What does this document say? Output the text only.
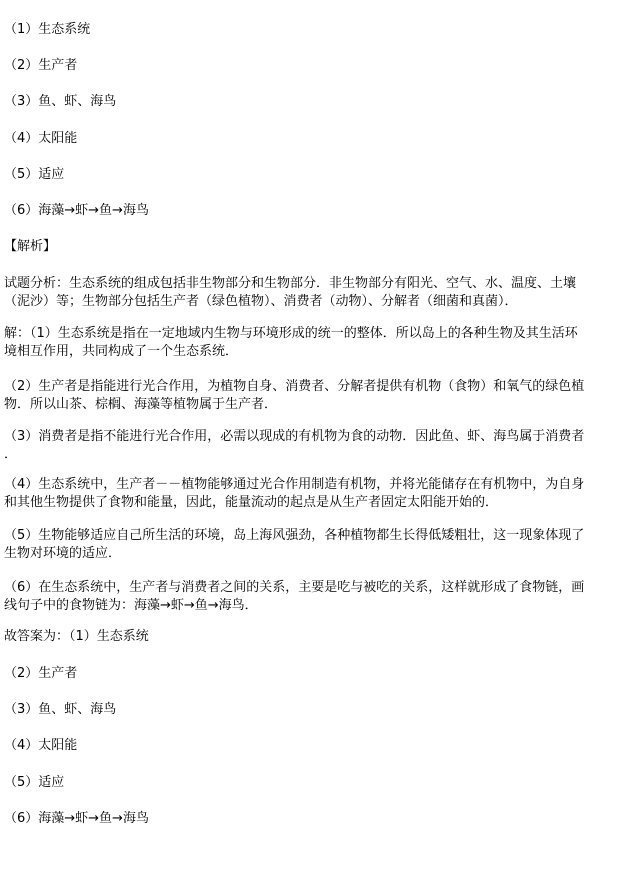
（1）生态系统
（2）生产者
（3）鱼、虾、海鸟
（4）太阳能
（5）适应
（6）海藻→虾→鱼→海鸟
【解析】
试题分析：生态系统的组成包括非生物部分和生物部分．非生物部分有阳光、空气、水、温度、土壤
（泥沙）等；生物部分包括生产者（绿色植物）、消费者（动物）、分解者（细菌和真菌）．
解：（1）生态系统是指在一定地域内生物与环境形成的统一的整体．所以岛上的各种生物及其生活环
境相互作用，共同构成了一个生态系统．
（2）生产者是指能进行光合作用，为植物自身、消费者、分解者提供有机物（食物）和氧气的绿色植
物．所以山茶、棕榈、海藻等植物属于生产者．
（3）消费者是指不能进行光合作用，必需以现成的有机物为食的动物．因此鱼、虾、海鸟属于消费者
．
（4）生态系统中，生产者－－植物能够通过光合作用制造有机物，并将光能储存在有机物中，为自身
和其他生物提供了食物和能量，因此，能量流动的起点是从生产者固定太阳能开始的．
（5）生物能够适应自己所生活的环境，岛上海风强劲，各种植物都生长得低矮粗壮，这一现象体现了
生物对环境的适应．
（6）在生态系统中，生产者与消费者之间的关系，主要是吃与被吃的关系，这样就形成了食物链，画
线句子中的食物链为：海藻→虾→鱼→海鸟．
故答案为：（1）生态系统
（2）生产者
（3）鱼、虾、海鸟
（4）太阳能
（5）适应
（6）海藻→虾→鱼→海鸟
